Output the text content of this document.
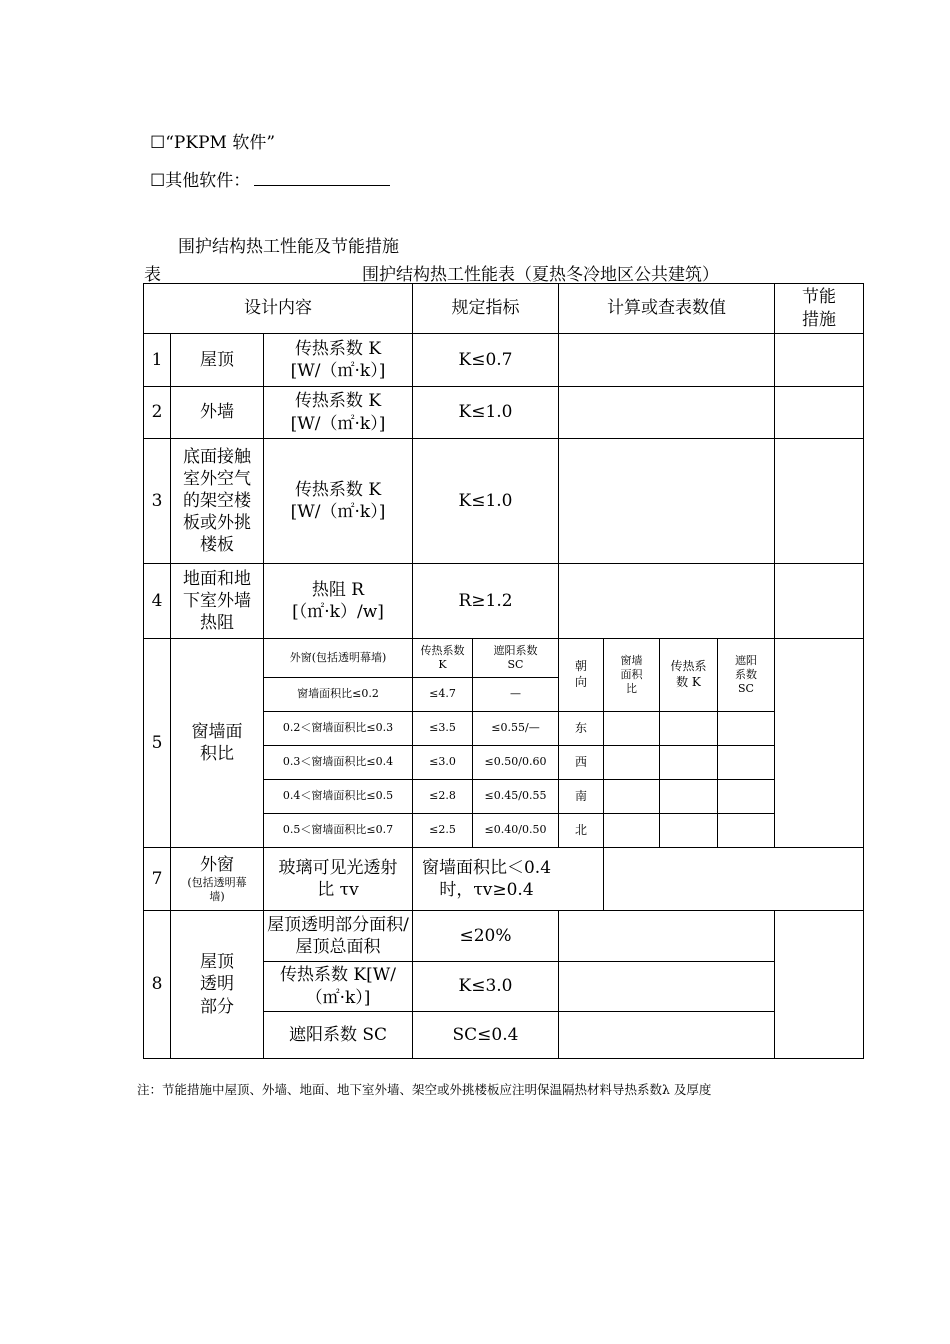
☐“PKPM 软件”
☐其他软件：
围护结构热工性能及节能措施
表	围护结构热工性能表（夏热冬冷地区公共建筑）
设计内容			规定指标		计算或查表数值				节能措施

1	屋顶	传热系数 K
[W/（㎡·k）]	K≤0.7						
2	外墙	传热系数 K
[W/（㎡·k）]	K≤1.0						
3	底面接触室外空气的架空楼板或外挑楼板	传热系数 K
[W/（㎡·k）]	K≤1.0						
4	地面和地下室外墙热阻	热阻 R
[（㎡·k）/w]	R≥1.2						
5	窗墙面积比	外窗(包括透明幕墙)	传热系数 K	遮阳系数 SC	朝向	窗墙面积比	传热系数 K	遮阳系数 SC	

		窗墙面积比≤0.2	≤4.7	—					
		0.2＜窗墙面积比≤0.3	≤3.5	≤0.55/—	东				
		0.3＜窗墙面积比≤0.4	≤3.0	≤0.50/0.60	西				
		0.4＜窗墙面积比≤0.5	≤2.8	≤0.45/0.55	南				
		0.5＜窗墙面积比≤0.7	≤2.5	≤0.40/0.50	北				
7	外窗
(包括透明幕墙)	玻璃可见光透射比 τv	窗墙面积比＜0.4 时，τv≥0.4						

8	屋顶透明部分	屋顶透明部分面积/屋顶总面积	≤20%						

		传热系数 K[W/（㎡·k）]	K≤3.0						
		遮阳系数 SC	SC≤0.4						
注：节能措施中屋顶、外墙、地面、地下室外墙、架空或外挑楼板应注明保温隔热材料导热系数λ 及厚度
